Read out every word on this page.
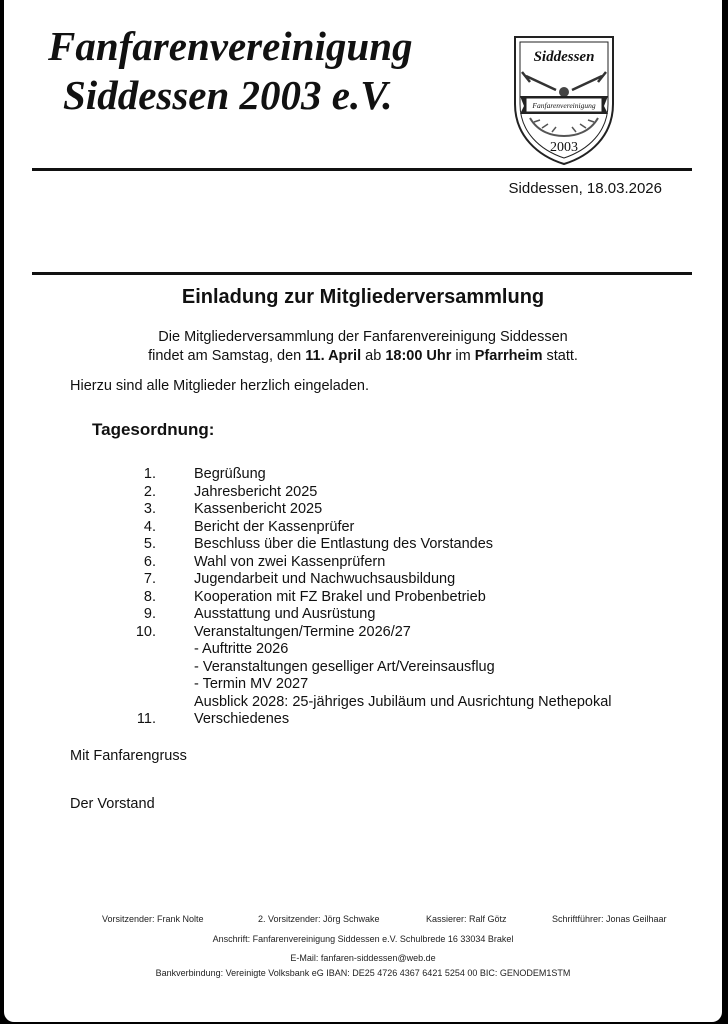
Fanfarenvereinigung
Siddessen 2003 e.V.
Siddessen
Fanfarenvereinigung
2003
Siddessen, 18.03.2026
Einladung zur Mitgliederversammlung
Die Mitgliederversammlung der Fanfarenvereinigung Siddessen
findet am Samstag, den 11. April ab 18:00 Uhr im Pfarrheim statt.
Hierzu sind alle Mitglieder herzlich eingeladen.
Tagesordnung:
1.	Begrüßung
2.	Jahresbericht 2025
3.	Kassenbericht 2025
4.	Bericht der Kassenprüfer
5.	Beschluss über die Entlastung des Vorstandes
6.	Wahl von zwei Kassenprüfern
7.	Jugendarbeit und Nachwuchsausbildung
8.	Kooperation mit FZ Brakel und Probenbetrieb
9.	Ausstattung und Ausrüstung
10.	Veranstaltungen/Termine 2026/27
- Auftritte 2026
- Veranstaltungen geselliger Art/Vereinsausflug
- Termin MV 2027
Ausblick 2028: 25-jähriges Jubiläum und Ausrichtung Nethepokal
11.	Verschiedenes
Mit Fanfarengruss
Der Vorstand
Vorsitzender: Frank Nolte	2. Vorsitzender: Jörg Schwake	Kassierer: Ralf Götz	Schriftführer: Jonas Geilhaar
Anschrift: Fanfarenvereinigung Siddessen e.V. Schulbrede 16 33034 Brakel
E-Mail: fanfaren-siddessen@web.de
Bankverbindung: Vereinigte Volksbank eG IBAN: DE25 4726 4367 6421 5254 00 BIC: GENODEM1STM
